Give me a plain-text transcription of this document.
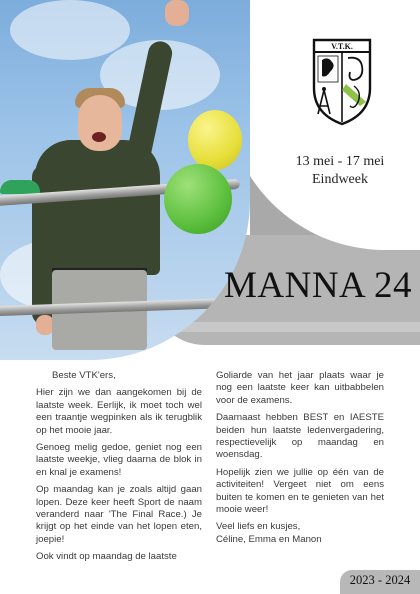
V.T.K.
13 mei - 17 mei
Eindweek
MANNA 24

Beste VTK'ers,

Hier zijn we dan aangekomen bij de laatste week. Eerlijk, ik moet toch wel een traantje wegpinken als ik terugblik op het mooie jaar.

Genoeg melig gedoe, geniet nog een laatste weekje, vlieg daarna de blok in en knal je examens!

Op maandag kan je zoals altijd gaan lopen. Deze keer heeft Sport de naam veranderd naar 'The Final Race.) Je krijgt op het einde van het lopen eten, joepie!

Ook vindt op maandag de laatste

Goliarde van het jaar plaats waar je nog een laatste keer kan uitbabbelen voor de examens.

Daarnaast hebben BEST en IAESTE beiden hun laatste ledenvergadering, respectievelijk op maandag en woensdag.

Hopelijk zien we jullie op één van de activiteiten! Vergeet niet om eens buiten te komen en te genieten van het mooie weer!

Veel liefs en kusjes,

Céline, Emma en Manon

2023 - 2024
